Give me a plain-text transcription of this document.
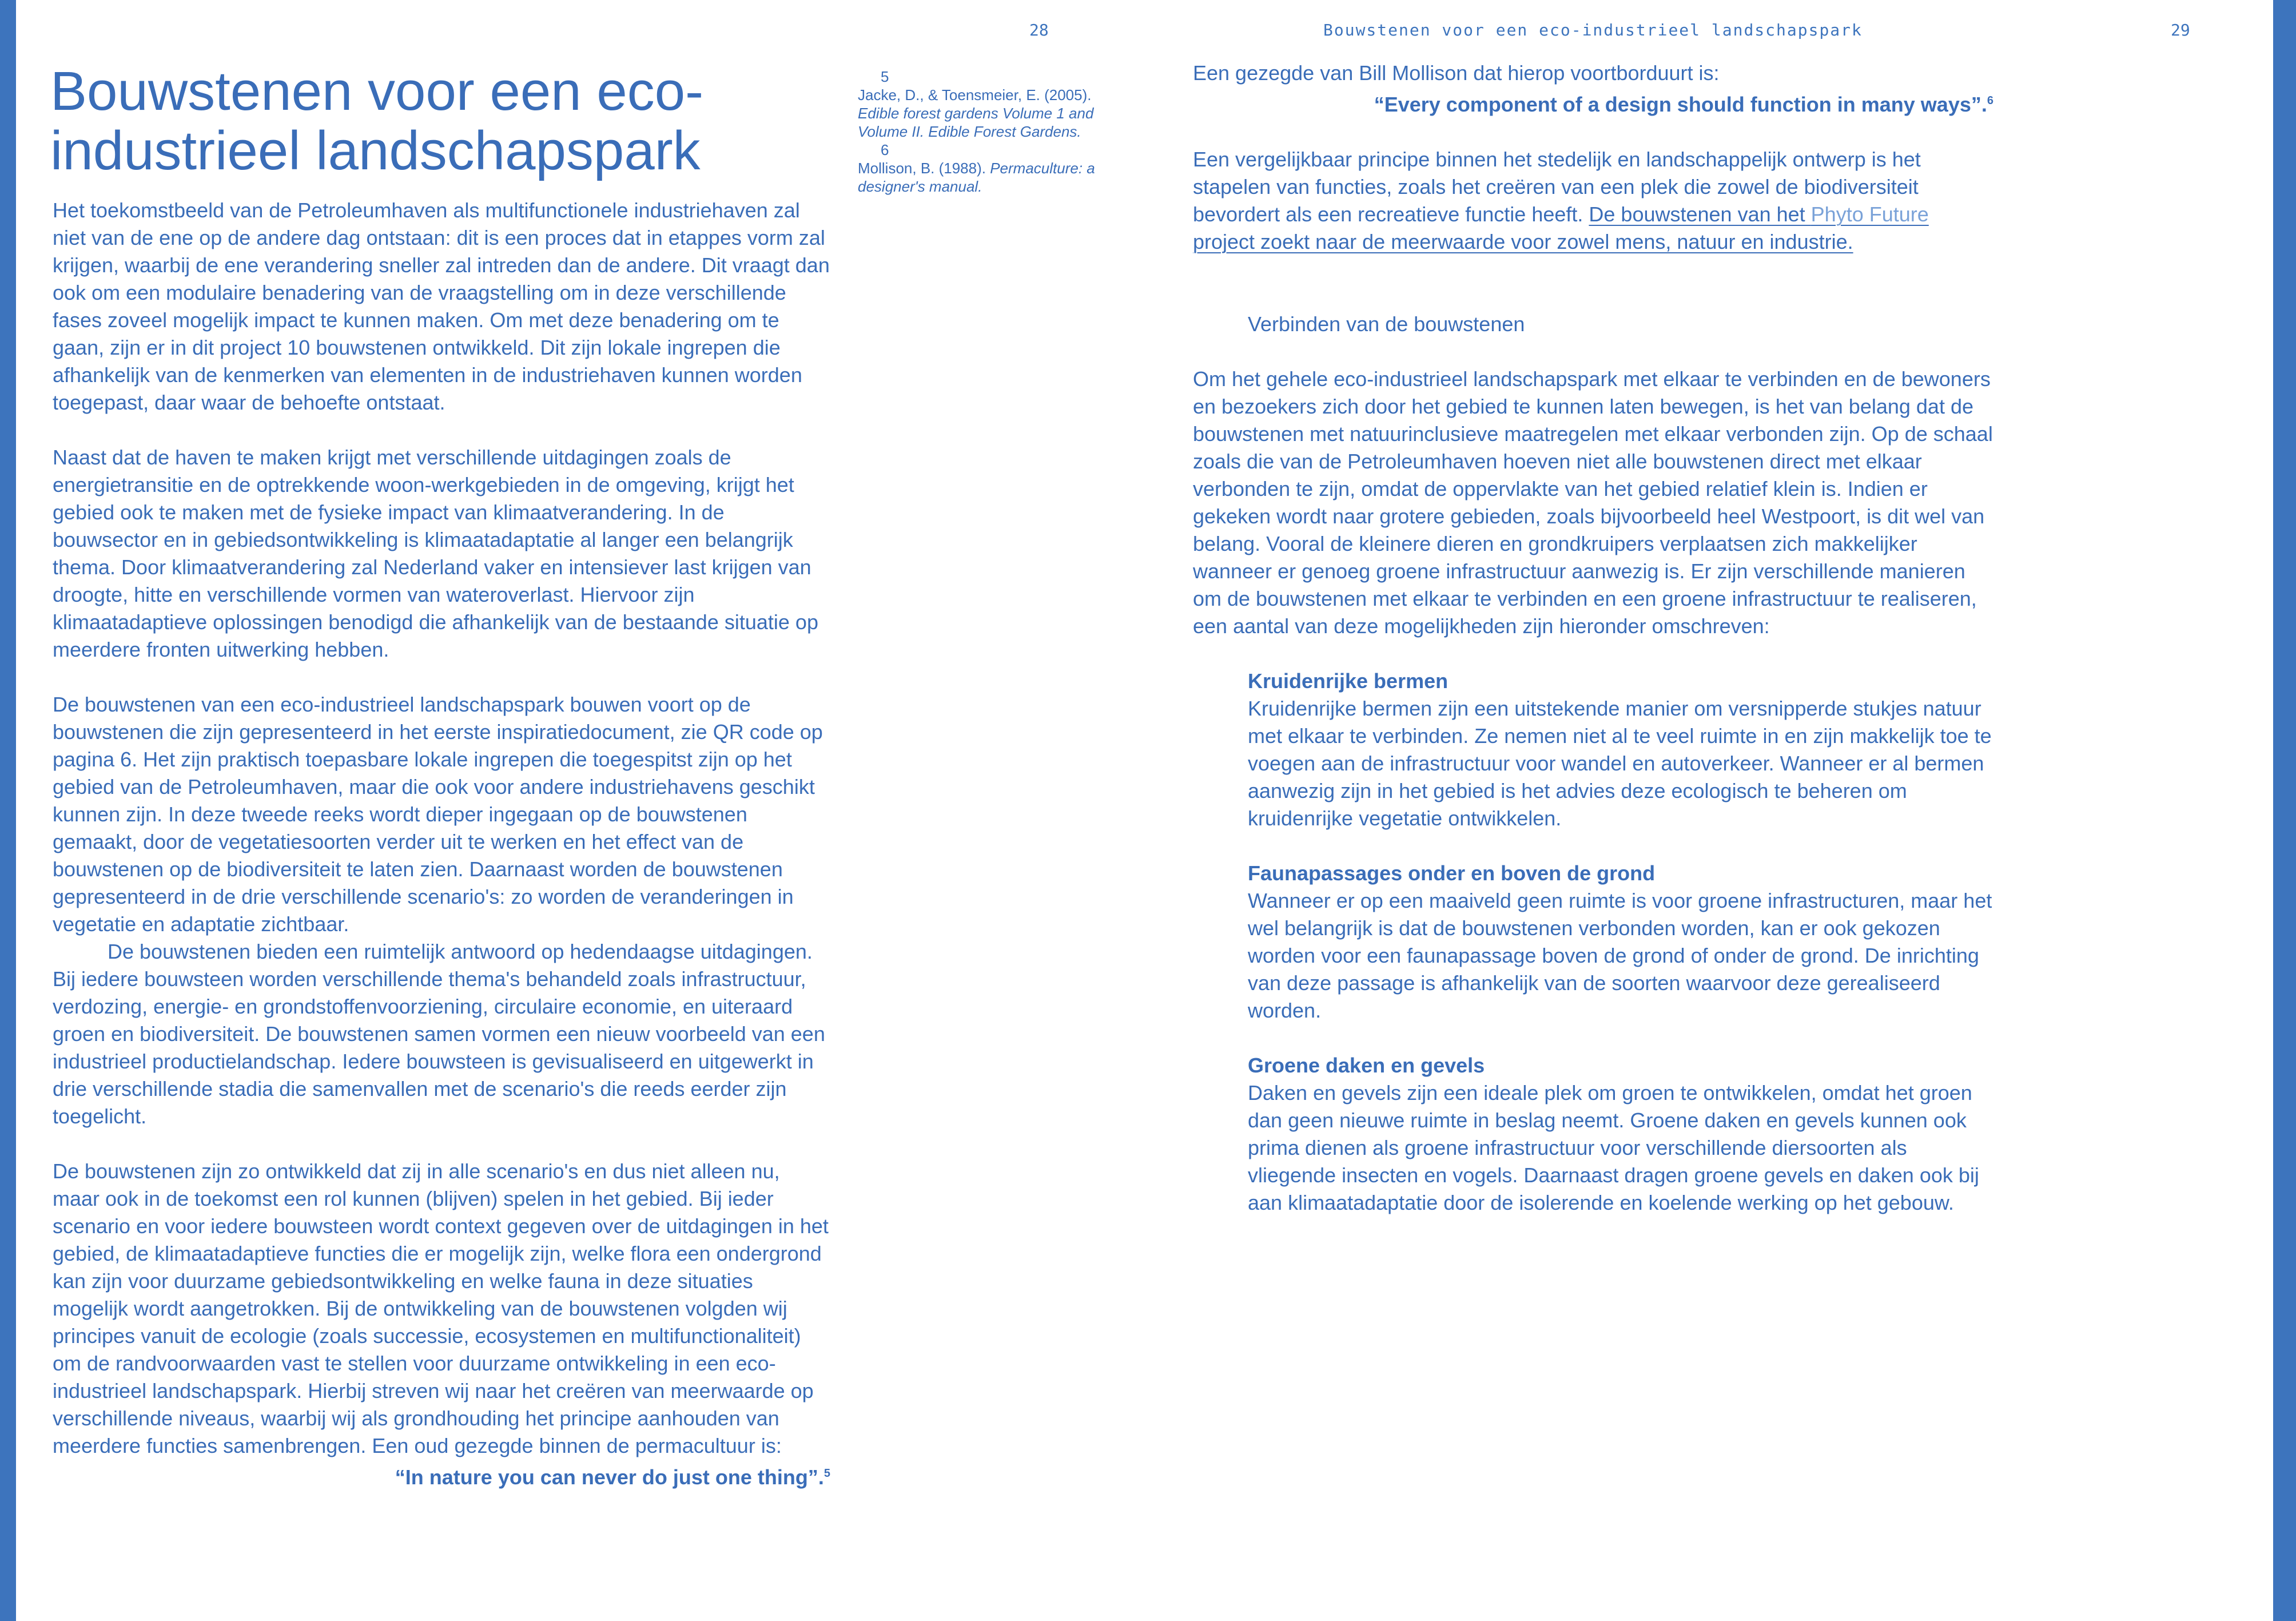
28	Bouwstenen voor een eco-industrieel landschapspark	29
Bouwstenen voor een eco-industrieel landschapspark

Het toekomstbeeld van de Petroleumhaven als multifunctionele industriehaven zal niet van de ene op de andere dag ontstaan: dit is een proces dat in etappes vorm zal krijgen, waarbij de ene verandering sneller zal intreden dan de andere. Dit vraagt dan ook om een modulaire benadering van de vraagstelling om in deze verschillende fases zoveel mogelijk impact te kunnen maken. Om met deze benadering om te gaan, zijn er in dit project 10 bouwstenen ontwikkeld. Dit zijn lokale ingrepen die afhankelijk van de kenmerken van elementen in de industriehaven kunnen worden toegepast, daar waar de behoefte ontstaat.

Naast dat de haven te maken krijgt met verschillende uitdagingen zoals de energietransitie en de optrekkende woon-werkgebieden in de omgeving, krijgt het gebied ook te maken met de fysieke impact van klimaatverandering. In de bouwsector en in gebiedsontwikkeling is klimaatadaptatie al langer een belangrijk thema. Door klimaatverandering zal Nederland vaker en intensiever last krijgen van droogte, hitte en verschillende vormen van wateroverlast. Hiervoor zijn klimaatadaptieve oplossingen benodigd die afhankelijk van de bestaande situatie op meerdere fronten uitwerking hebben.

De bouwstenen van een eco-industrieel landschapspark bouwen voort op de bouwstenen die zijn gepresenteerd in het eerste inspiratiedocument, zie QR code op pagina 6. Het zijn praktisch toepasbare lokale ingrepen die toegespitst zijn op het gebied van de Petroleumhaven, maar die ook voor andere industriehavens geschikt kunnen zijn. In deze tweede reeks wordt dieper ingegaan op de bouwstenen gemaakt, door de vegetatiesoorten verder uit te werken en het effect van de bouwstenen op de biodiversiteit te laten zien. Daarnaast worden de bouwstenen gepresenteerd in de drie verschillende scenario's: zo worden de veranderingen in vegetatie en adaptatie zichtbaar.

De bouwstenen bieden een ruimtelijk antwoord op hedendaagse uitdagingen. Bij iedere bouwsteen worden verschillende thema's behandeld zoals infrastructuur, verdozing, energie- en grondstoffenvoorziening, circulaire economie, en uiteraard groen en biodiversiteit. De bouwstenen samen vormen een nieuw voorbeeld van een industrieel productielandschap. Iedere bouwsteen is gevisualiseerd en uitgewerkt in drie verschillende stadia die samenvallen met de scenario's die reeds eerder zijn toegelicht.

De bouwstenen zijn zo ontwikkeld dat zij in alle scenario's en dus niet alleen nu, maar ook in de toekomst een rol kunnen (blijven) spelen in het gebied. Bij ieder scenario en voor iedere bouwsteen wordt context gegeven over de uitdagingen in het gebied, de klimaatadaptieve functies die er mogelijk zijn, welke flora een ondergrond kan zijn voor duurzame gebiedsontwikkeling en welke fauna in deze situaties mogelijk wordt aangetrokken. Bij de ontwikkeling van de bouwstenen volgden wij principes vanuit de ecologie (zoals successie, ecosystemen en multifunctionaliteit) om de randvoorwaarden vast te stellen voor duurzame ontwikkeling in een eco-industrieel landschapspark. Hierbij streven wij naar het creëren van meerwaarde op verschillende niveaus, waarbij wij als grondhouding het principe aanhouden van meerdere functies samenbrengen. Een oud gezegde binnen de permacultuur is:

“In nature you can never do just one thing”.$^5$
5
Jacke, D., & Toensmeier, E. (2005). Edible forest gardens Volume 1 and Volume II. Edible Forest Gardens.
6
Mollison, B. (1988). Permaculture: a designer's manual.

Een gezegde van Bill Mollison dat hierop voortborduurt is:

“Every component of a design should function in many ways”.$^6$

Een vergelijkbaar principe binnen het stedelijk en landschappelijk ontwerp is het stapelen van functies, zoals het creëren van een plek die zowel de biodiversiteit bevordert als een recreatieve functie heeft. De bouwstenen van het Phyto Future project zoekt naar de meerwaarde voor zowel mens, natuur en industrie.

Verbinden van de bouwstenen

Om het gehele eco-industrieel landschapspark met elkaar te verbinden en de bewoners en bezoekers zich door het gebied te kunnen laten bewegen, is het van belang dat de bouwstenen met natuurinclusieve maatregelen met elkaar verbonden zijn. Op de schaal zoals die van de Petroleumhaven hoeven niet alle bouwstenen direct met elkaar verbonden te zijn, omdat de oppervlakte van het gebied relatief klein is. Indien er gekeken wordt naar grotere gebieden, zoals bijvoorbeeld heel Westpoort, is dit wel van belang. Vooral de kleinere dieren en grondkruipers verplaatsen zich makkelijker wanneer er genoeg groene infrastructuur aanwezig is. Er zijn verschillende manieren om de bouwstenen met elkaar te verbinden en een groene infrastructuur te realiseren, een aantal van deze mogelijkheden zijn hieronder omschreven:

Kruidenrijke bermen

Kruidenrijke bermen zijn een uitstekende manier om versnipperde stukjes natuur met elkaar te verbinden. Ze nemen niet al te veel ruimte in en zijn makkelijk toe te voegen aan de infrastructuur voor wandel en autoverkeer. Wanneer er al bermen aanwezig zijn in het gebied is het advies deze ecologisch te beheren om kruidenrijke vegetatie ontwikkelen.

Faunapassages onder en boven de grond

Wanneer er op een maaiveld geen ruimte is voor groene infrastructuren, maar het wel belangrijk is dat de bouwstenen verbonden worden, kan er ook gekozen worden voor een faunapassage boven de grond of onder de grond. De inrichting van deze passage is afhankelijk van de soorten waarvoor deze gerealiseerd worden.

Groene daken en gevels

Daken en gevels zijn een ideale plek om groen te ontwikkelen, omdat het groen dan geen nieuwe ruimte in beslag neemt. Groene daken en gevels kunnen ook prima dienen als groene infrastructuur voor verschillende diersoorten als vliegende insecten en vogels. Daarnaast dragen groene gevels en daken ook bij aan klimaatadaptatie door de isolerende en koelende werking op het gebouw.
